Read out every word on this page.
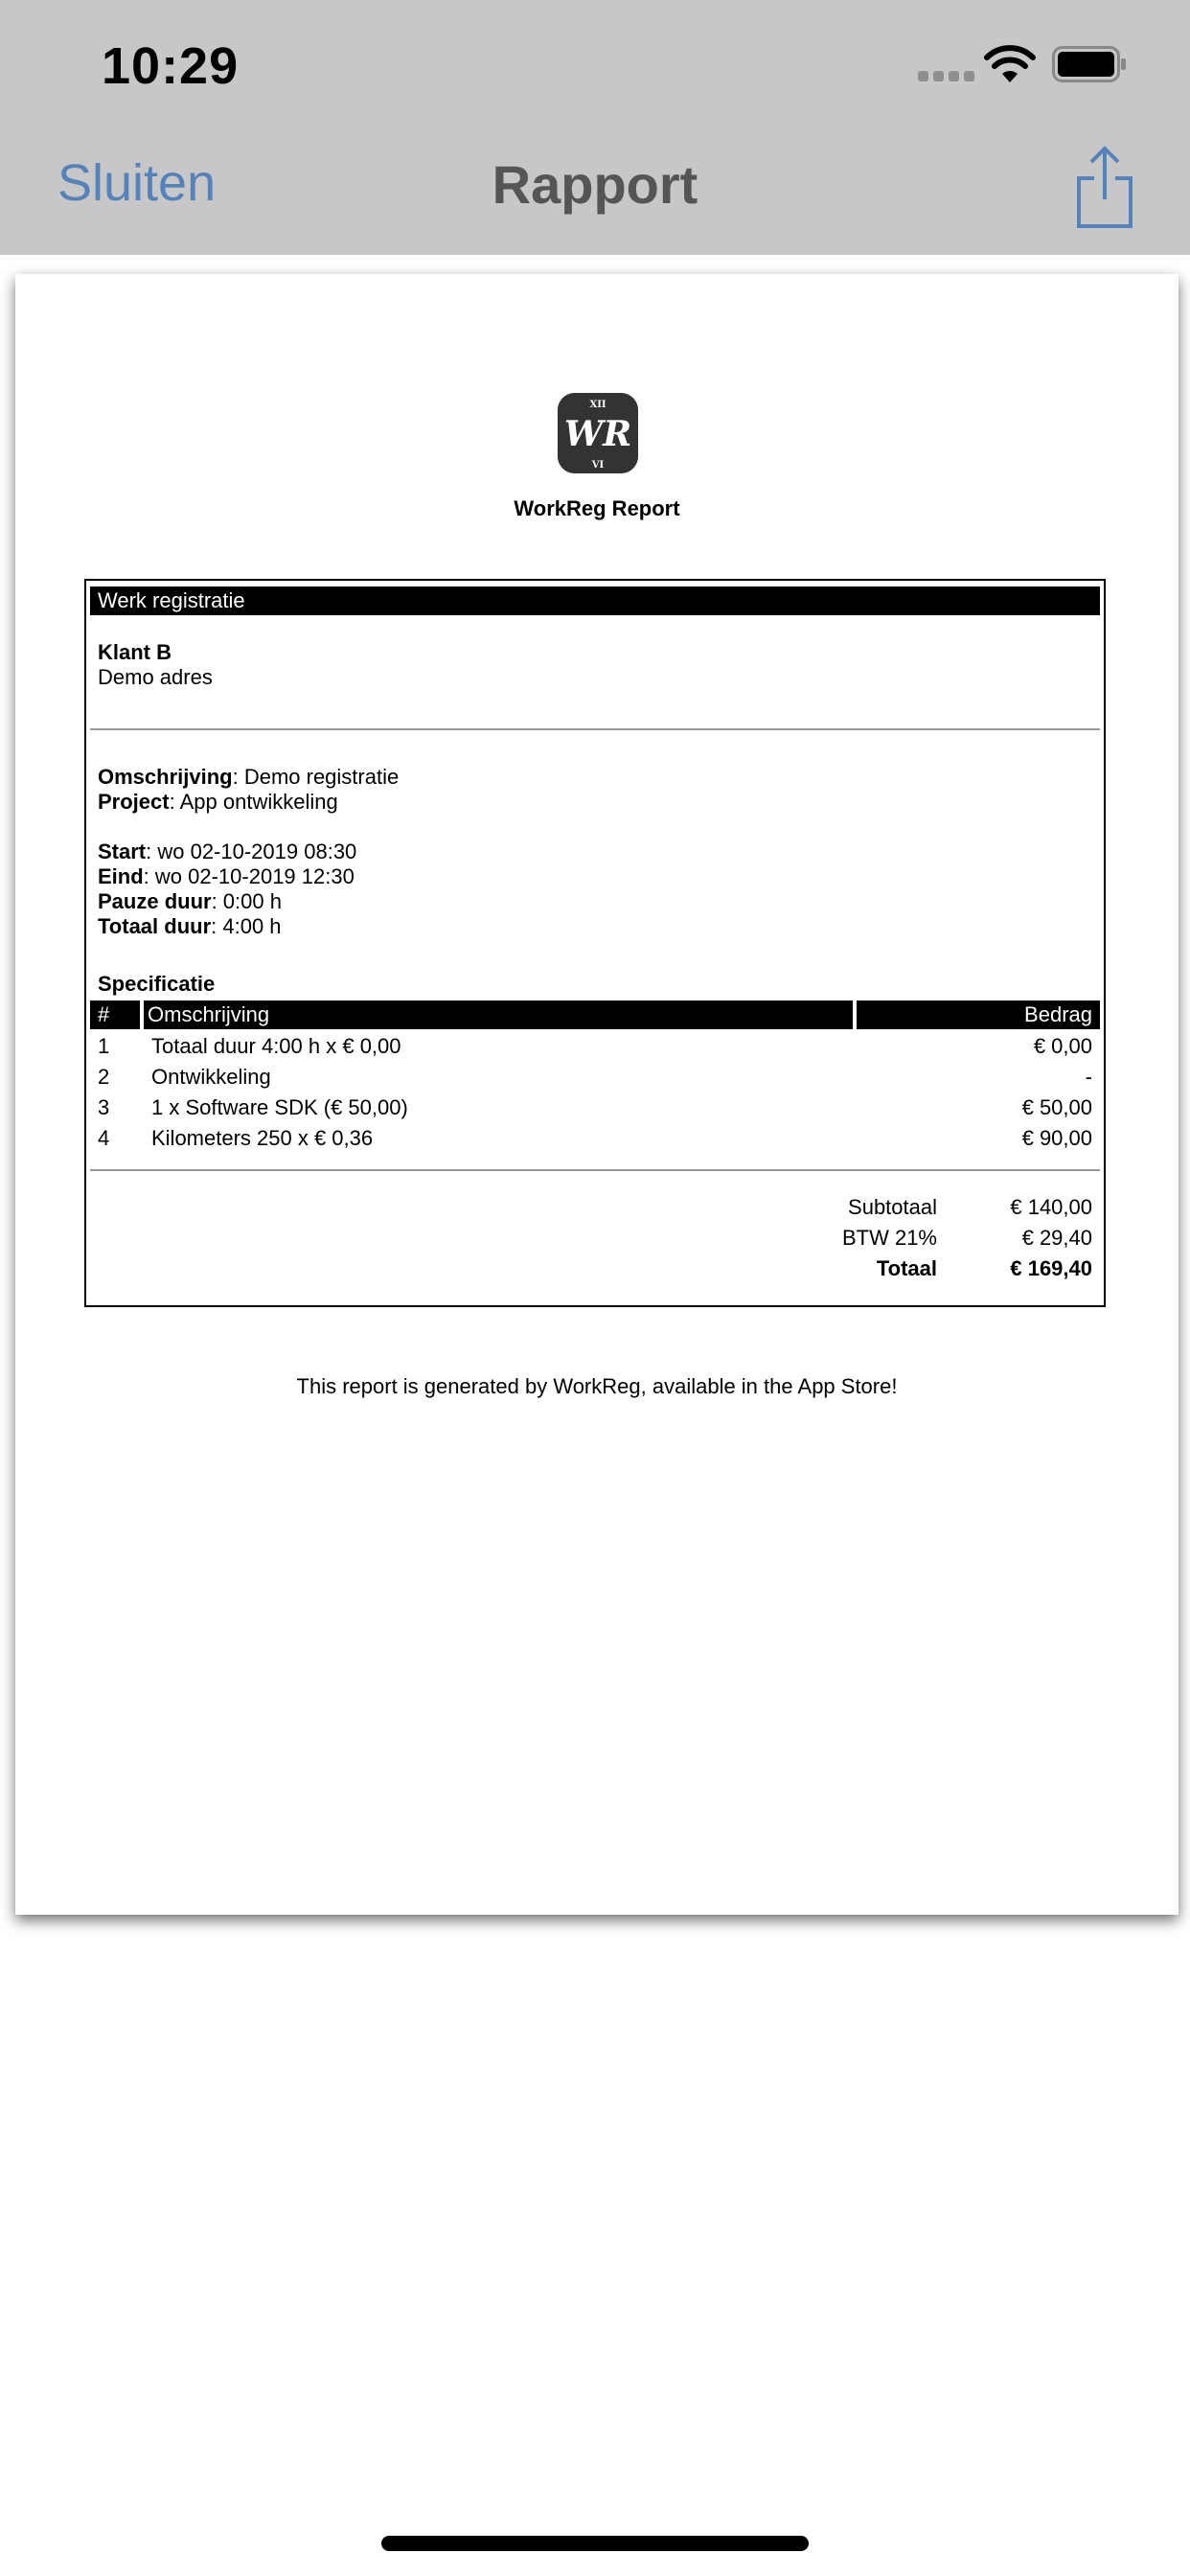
10:29
Sluiten	Rapport
XII
WR
VI
WorkReg Report
Werk registratie
Klant B
Demo adres
Omschrijving: Demo registratie
Project: App ontwikkeling
Start: wo 02-10-2019 08:30
Eind: wo 02-10-2019 12:30
Pauze duur: 0:00 h
Totaal duur: 4:00 h
Specificatie
#	Omschrijving	Bedrag
1 Totaal duur 4:00 h x € 0,00	€ 0,00
2 Ontwikkeling	-
3 1 x Software SDK (€ 50,00)	€ 50,00
4 Kilometers 250 x € 0,36	€ 90,00
Subtotaal	€ 140,00
BTW 21%	€ 29,40
Totaal	€ 169,40
This report is generated by WorkReg, available in the App Store!
